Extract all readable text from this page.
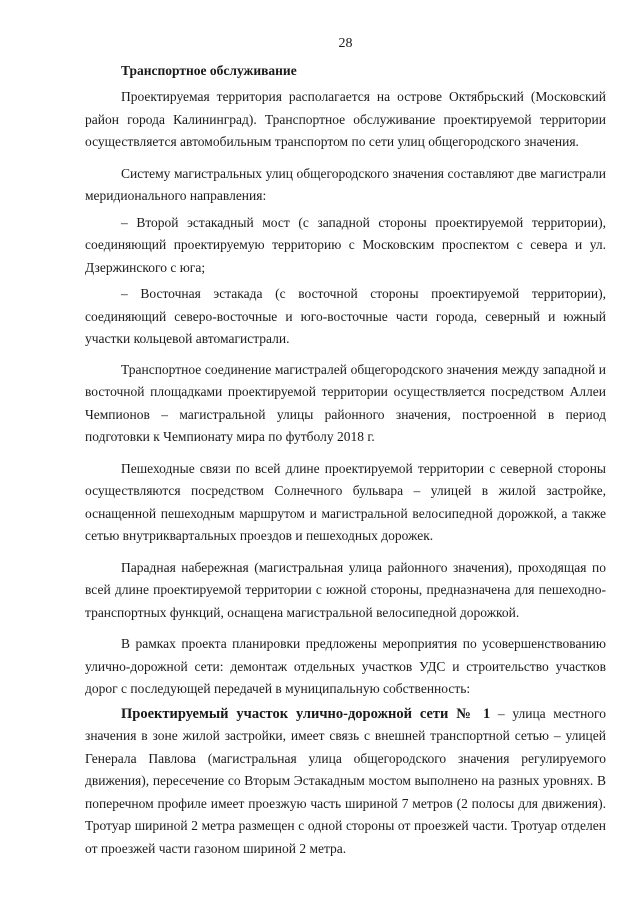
28
Транспортное обслуживание

Проектируемая территория располагается на острове Октябрьский (Московский район города Калининград). Транспортное обслуживание проектируемой территории осуществляется автомобильным транспортом по сети улиц общегородского значения.

Систему магистральных улиц общегородского значения составляют две магистрали меридионального направления:

– Второй эстакадный мост (с западной стороны проектируемой территории), соединяющий проектируемую территорию с Московским проспектом с севера и ул. Дзержинского с юга;

– Восточная эстакада (с восточной стороны проектируемой территории), соединяющий северо-восточные и юго-восточные части города, северный и южный участки кольцевой автомагистрали.

Транспортное соединение магистралей общегородского значения между западной и восточной площадками проектируемой территории осуществляется посредством Аллеи Чемпионов – магистральной улицы районного значения, построенной в период подготовки к Чемпионату мира по футболу 2018 г.

Пешеходные связи по всей длине проектируемой территории с северной стороны осуществляются посредством Солнечного бульвара – улицей в жилой застройке, оснащенной пешеходным маршрутом и магистральной велосипедной дорожкой, а также сетью внутриквартальных проездов и пешеходных дорожек.

Парадная набережная (магистральная улица районного значения), проходящая по всей длине проектируемой территории с южной стороны, предназначена для пешеходно-транспортных функций, оснащена магистральной велосипедной дорожкой.

В рамках проекта планировки предложены мероприятия по усовершенствованию улично-дорожной сети: демонтаж отдельных участков УДС и строительство участков дорог с последующей передачей в муниципальную собственность:

Проектируемый участок улично-дорожной сети № 1 – улица местного значения в зоне жилой застройки, имеет связь с внешней транспортной сетью – улицей Генерала Павлова (магистральная улица общегородского значения регулируемого движения), пересечение со Вторым Эстакадным мостом выполнено на разных уровнях. В поперечном профиле имеет проезжую часть шириной 7 метров (2 полосы для движения). Тротуар шириной 2 метра размещен с одной стороны от проезжей части. Тротуар отделен от проезжей части газоном шириной 2 метра.
